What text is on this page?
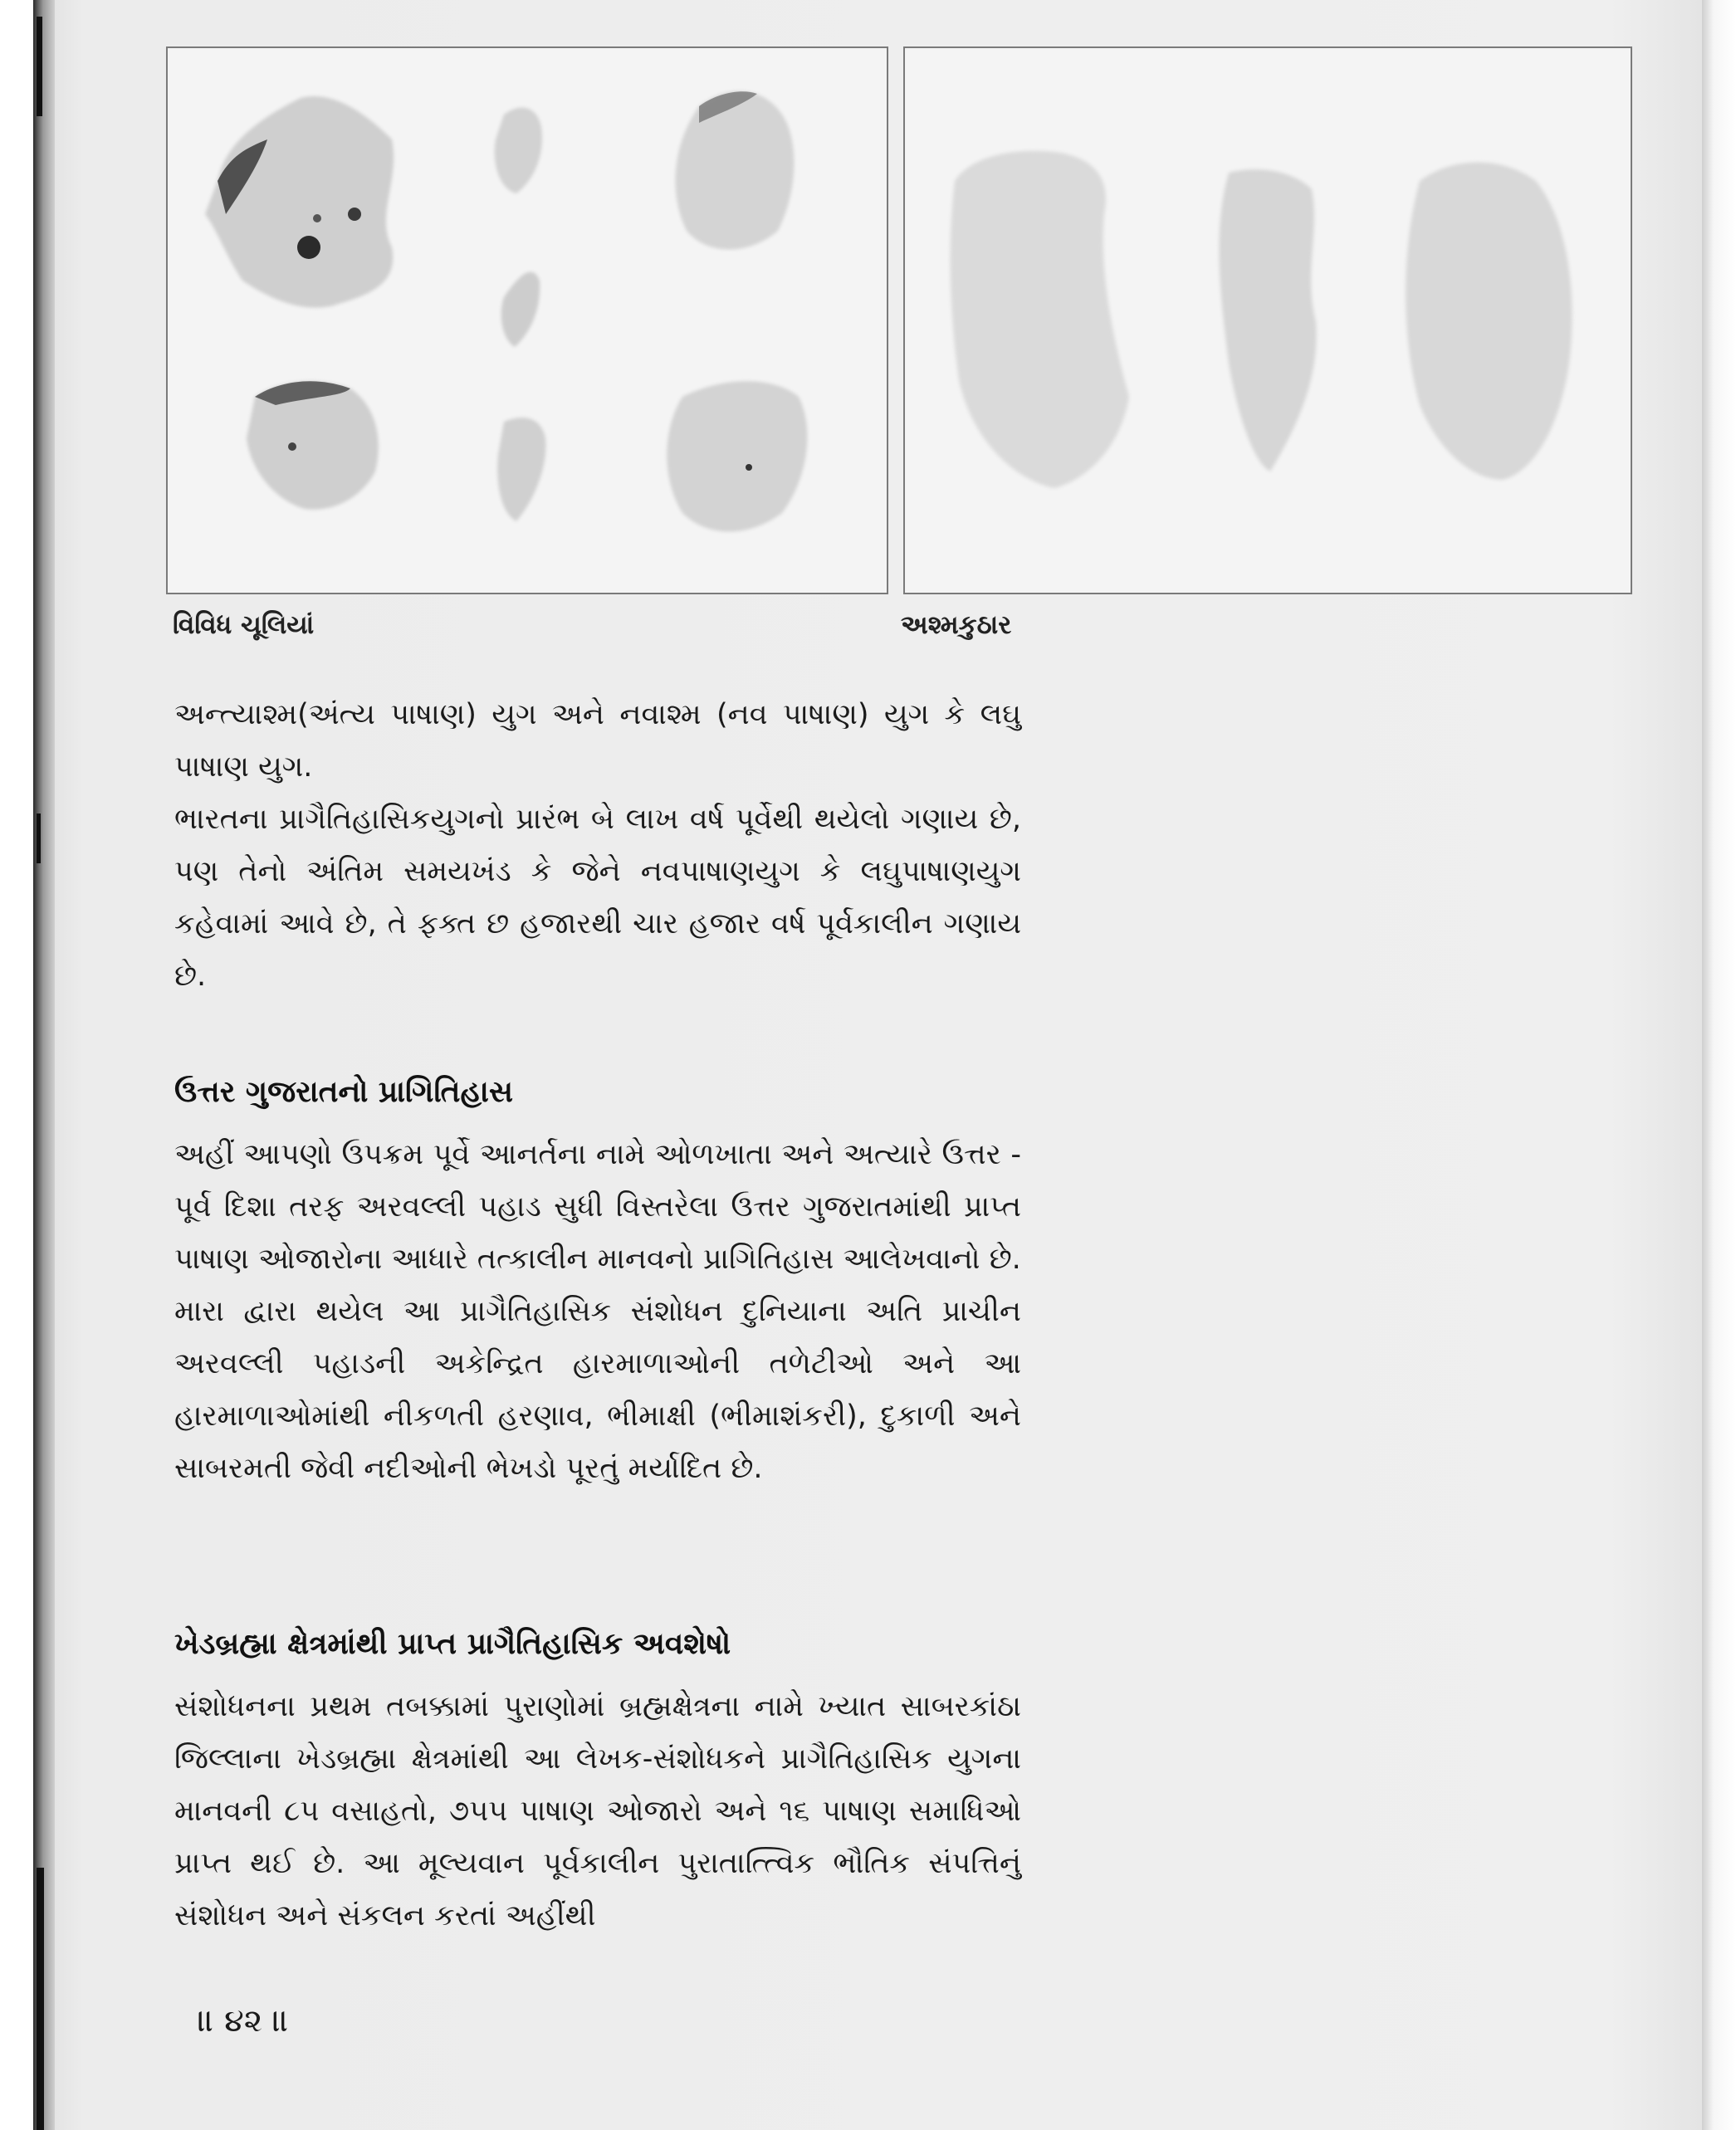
વિવિધ ચૂલિયાં	અશ્મકુઠાર

અન્ત્યાશ્મ(અંત્ય પાષાણ) યુગ અને નવાશ્મ (નવ પાષાણ) યુગ કે લઘુ પાષાણ યુગ.

ભારતના પ્રાગૈતિહાસિકયુગનો પ્રારંભ બે લાખ વર્ષ પૂર્વેથી થયેલો ગણાય છે, પણ તેનો અંતિમ સમયખંડ કે જેને નવપાષાણયુગ કે લઘુપાષાણયુગ કહેવામાં આવે છે, તે ફક્ત છ હજારથી ચાર હજાર વર્ષ પૂર્વકાલીન ગણાય છે.

ઉત્તર ગુજરાતનો પ્રાગિતિહાસ

અહીં આપણો ઉપક્રમ પૂર્વે આનર્તના નામે ઓળખાતા અને અત્યારે ઉત્તર - પૂર્વ દિશા તરફ અરવલ્લી પહાડ સુધી વિસ્તરેલા ઉત્તર ગુજરાતમાંથી પ્રાપ્ત પાષાણ ઓજારોના આધારે તત્કાલીન માનવનો પ્રાગિતિહાસ આલેખવાનો છે.

મારા દ્વારા થયેલ આ પ્રાગૈતિહાસિક સંશોધન દુનિયાના અતિ પ્રાચીન અરવલ્લી પહાડની અકેન્દ્રિત હારમાળાઓની તળેટીઓ અને આ હારમાળાઓમાંથી નીકળતી હરણાવ, ભીમાક્ષી (ભીમાશંકરી), દુકાળી અને સાબરમતી જેવી નદીઓની ભેખડો પૂરતું મર્યાદિત છે.

ખેડબ્રહ્મા ક્ષેત્રમાંથી પ્રાપ્ત પ્રાગૈતિહાસિક અવશેષો

સંશોધનના પ્રથમ તબક્કામાં પુરાણોમાં બ્રહ્મક્ષેત્રના નામે ખ્યાત સાબરકાંઠા જિલ્લાના ખેડબ્રહ્મા ક્ષેત્રમાંથી આ લેખક-સંશોધકને પ્રાગૈતિહાસિક યુગના માનવની ૮૫ વસાહતો, ૭૫૫ પાષાણ ઓજારો અને ૧૬ પાષાણ સમાધિઓ પ્રાપ્ત થઈ છે. આ મૂલ્યવાન પૂર્વકાલીન પુરાતાત્ત્વિક ભૌતિક સંપત્તિનું સંશોધન અને સંકલન કરતાં અહીંથી

॥ ૪૨ ॥
